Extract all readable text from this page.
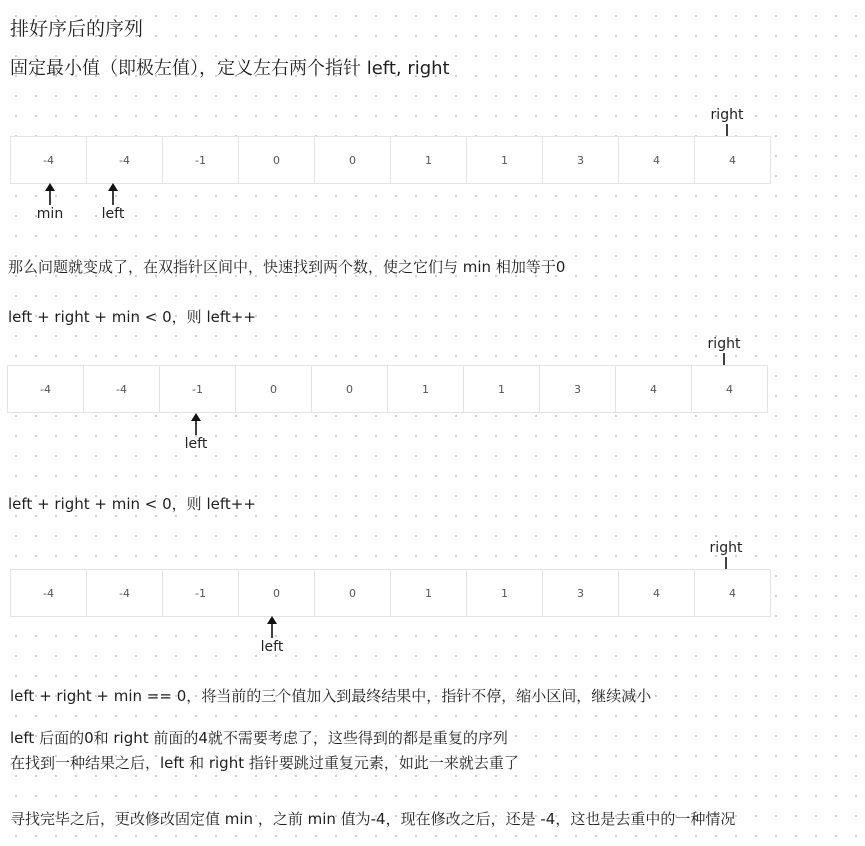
排好序后的序列
固定最小值（即极左值），定义左右两个指针 left, right
right
-4	-4	-1	0	0	1	1	3	4	4
min	left
那么问题就变成了，在双指针区间中，快速找到两个数，使之它们与 min 相加等于0
left + right + min < 0，则 left++
right
-4	-4	-1	0	0	1	1	3	4	4
left
left + right + min < 0，则 left++
right
-4	-4	-1	0	0	1	1	3	4	4
left
left + right + min == 0，将当前的三个值加入到最终结果中，指针不停，缩小区间，继续减小
left 后面的0和 right 前面的4就不需要考虑了，这些得到的都是重复的序列
在找到一种结果之后，left 和 right 指针要跳过重复元素，如此一来就去重了
寻找完毕之后，更改修改固定值 min ，之前 min 值为-4，现在修改之后，还是 -4，这也是去重中的一种情况
